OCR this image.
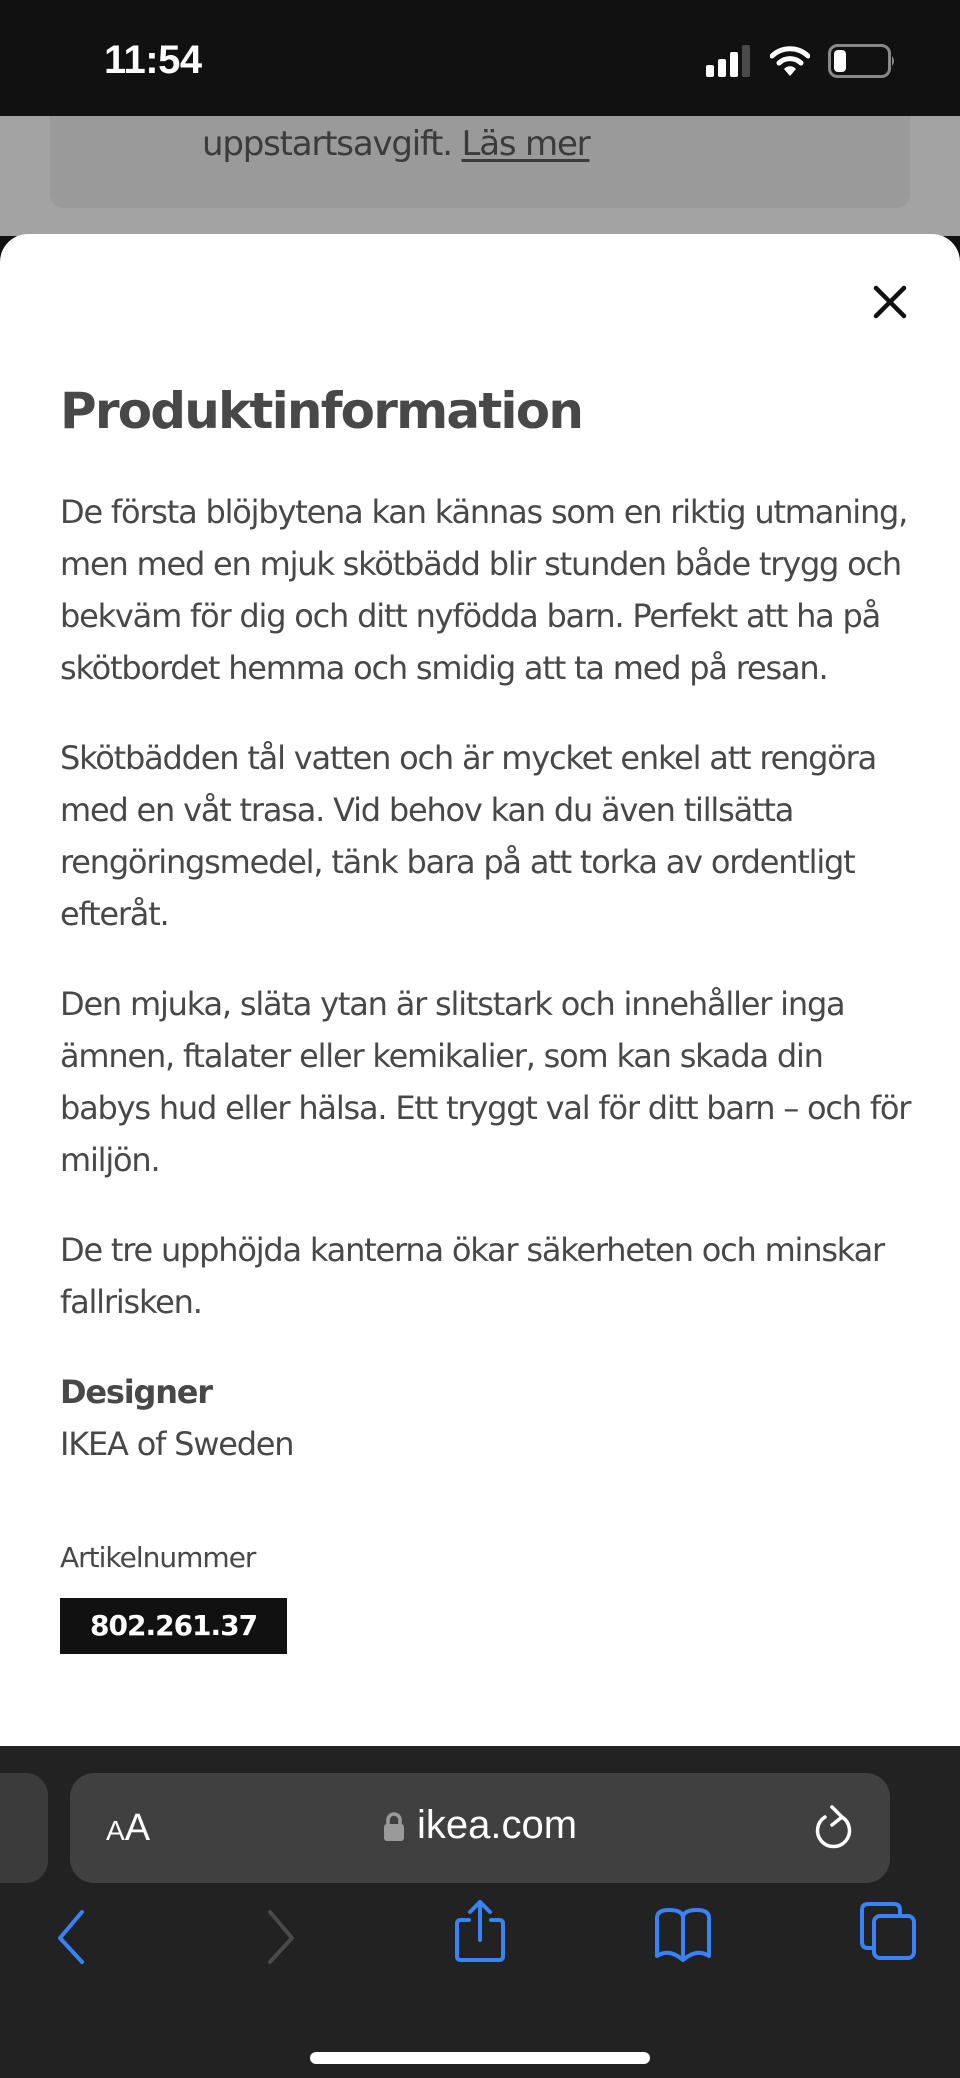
11:54
uppstartsavgift. Läs mer
Produktinformation

De första blöjbytena kan kännas som en riktig utmaning, men med en mjuk skötbädd blir stunden både trygg och bekväm för dig och ditt nyfödda barn. Perfekt att ha på skötbordet hemma och smidig att ta med på resan.

Skötbädden tål vatten och är mycket enkel att rengöra med en våt trasa. Vid behov kan du även tillsätta rengöringsmedel, tänk bara på att torka av ordentligt efteråt.

Den mjuka, släta ytan är slitstark och innehåller inga ämnen, ftalater eller kemikalier, som kan skada din babys hud eller hälsa. Ett tryggt val för ditt barn – och för miljön.

De tre upphöjda kanterna ökar säkerheten och minskar fallrisken.

Designer

IKEA of Sweden

Artikelnummer
802.261.37
AA	ikea.com
